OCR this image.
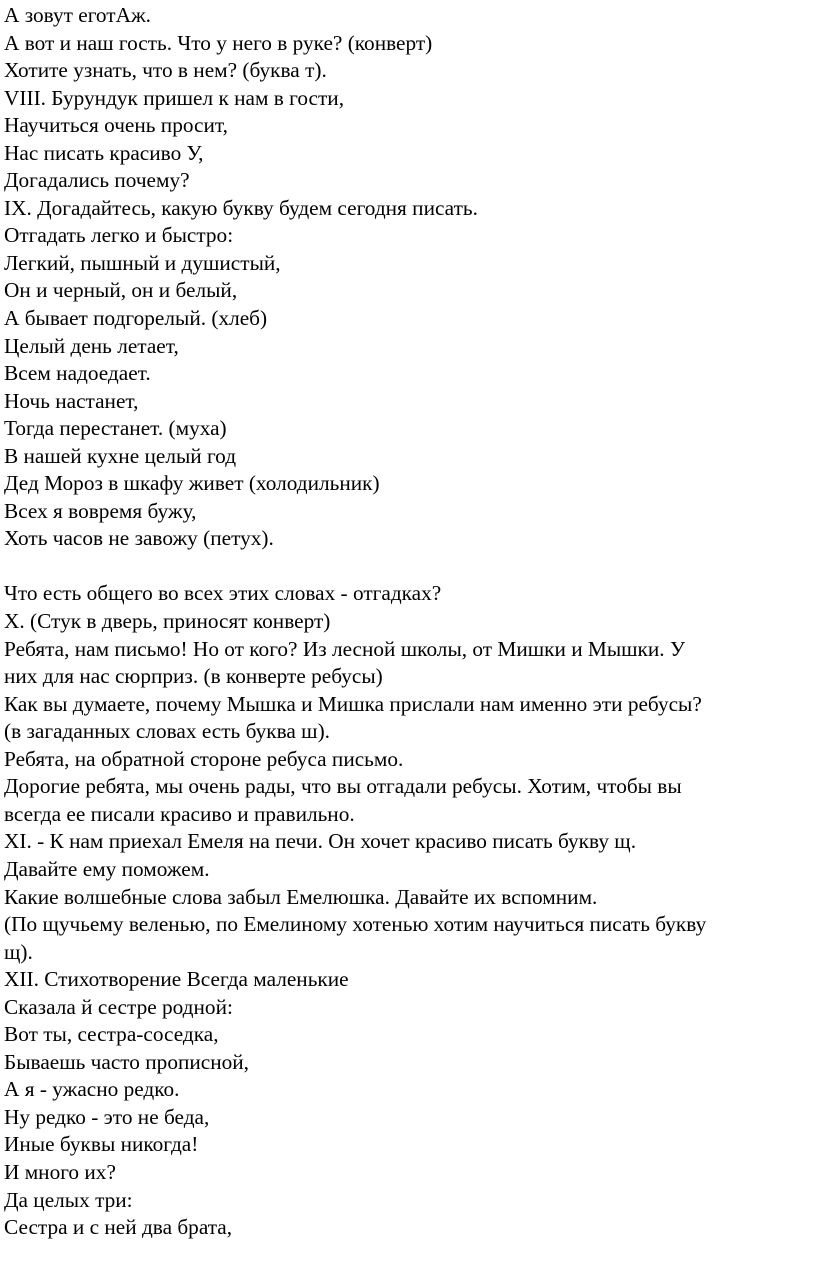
А зовут еготАж.
А вот и наш гость. Что у него в руке? (конверт)
Хотите узнать, что в нем? (буква т).
VIII. Бурундук пришел к нам в гости,
Научиться очень просит,
Нас писать красиво У,
Догадались почему?
IX. Догадайтесь, какую букву будем сегодня писать.
Отгадать легко и быстро:
Легкий, пышный и душистый,
Он и черный, он и белый,
А бывает подгорелый. (хлеб)
Целый день летает,
Всем надоедает.
Ночь настанет,
Тогда перестанет. (муха)
В нашей кухне целый год
Дед Мороз в шкафу живет (холодильник)
Всех я вовремя бужу,
Хоть часов не завожу (петух).
Что есть общего во всех этих словах - отгадках?
X. (Стук в дверь, приносят конверт)
Ребята, нам письмо! Но от кого? Из лесной школы, от Мишки и Мышки. У
них для нас сюрприз. (в конверте ребусы)
Как вы думаете, почему Мышка и Мишка прислали нам именно эти ребусы?
(в загаданных словах есть буква ш).
Ребята, на обратной стороне ребуса письмо.
Дорогие ребята, мы очень рады, что вы отгадали ребусы. Хотим, чтобы вы
всегда ее писали красиво и правильно.
XI. - К нам приехал Емеля на печи. Он хочет красиво писать букву щ.
Давайте ему поможем.
Какие волшебные слова забыл Емелюшка. Давайте их вспомним.
(По щучьему веленью, по Емелиному хотенью хотим научиться писать букву
щ).
XII. Стихотворение Всегда маленькие
Сказала й сестре родной:
Вот ты, сестра-соседка,
Бываешь часто прописной,
А я - ужасно редко.
Ну редко - это не беда,
Иные буквы никогда!
И много их?
Да целых три:
Сестра и с ней два брата,
